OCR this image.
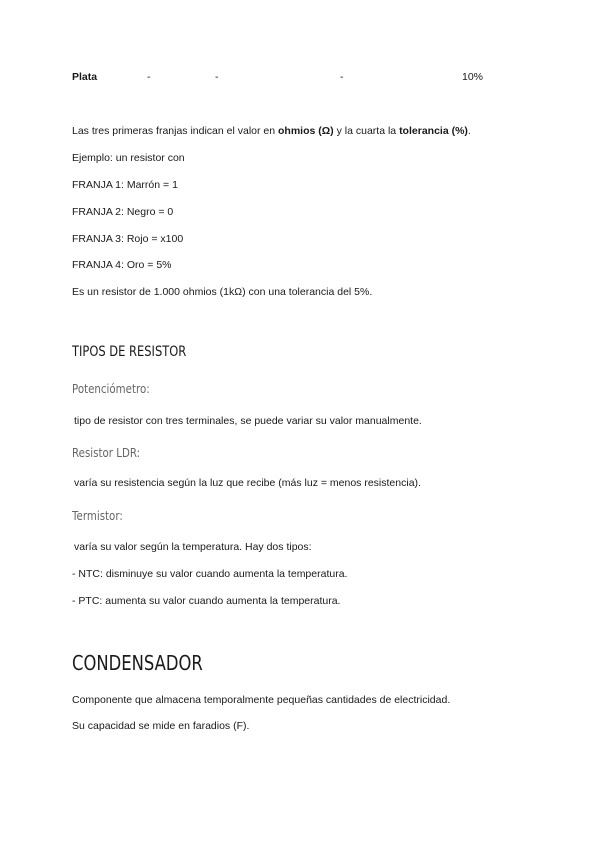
Plata	-	-	-	10%
Las tres primeras franjas indican el valor en ohmios (Ω) y la cuarta la tolerancia (%).
Ejemplo: un resistor con
FRANJA 1: Marrón = 1
FRANJA 2: Negro = 0
FRANJA 3: Rojo = x100
FRANJA 4: Oro = 5%
Es un resistor de 1.000 ohmios (1kΩ) con una tolerancia del 5%.
TIPOS DE RESISTOR
Potenciómetro:
tipo de resistor con tres terminales, se puede variar su valor manualmente.
Resistor LDR:
varía su resistencia según la luz que recibe (más luz = menos resistencia).
Termistor:
varía su valor según la temperatura. Hay dos tipos:
- NTC: disminuye su valor cuando aumenta la temperatura.
- PTC: aumenta su valor cuando aumenta la temperatura.
CONDENSADOR
Componente que almacena temporalmente pequeñas cantidades de electricidad.
Su capacidad se mide en faradios (F).
